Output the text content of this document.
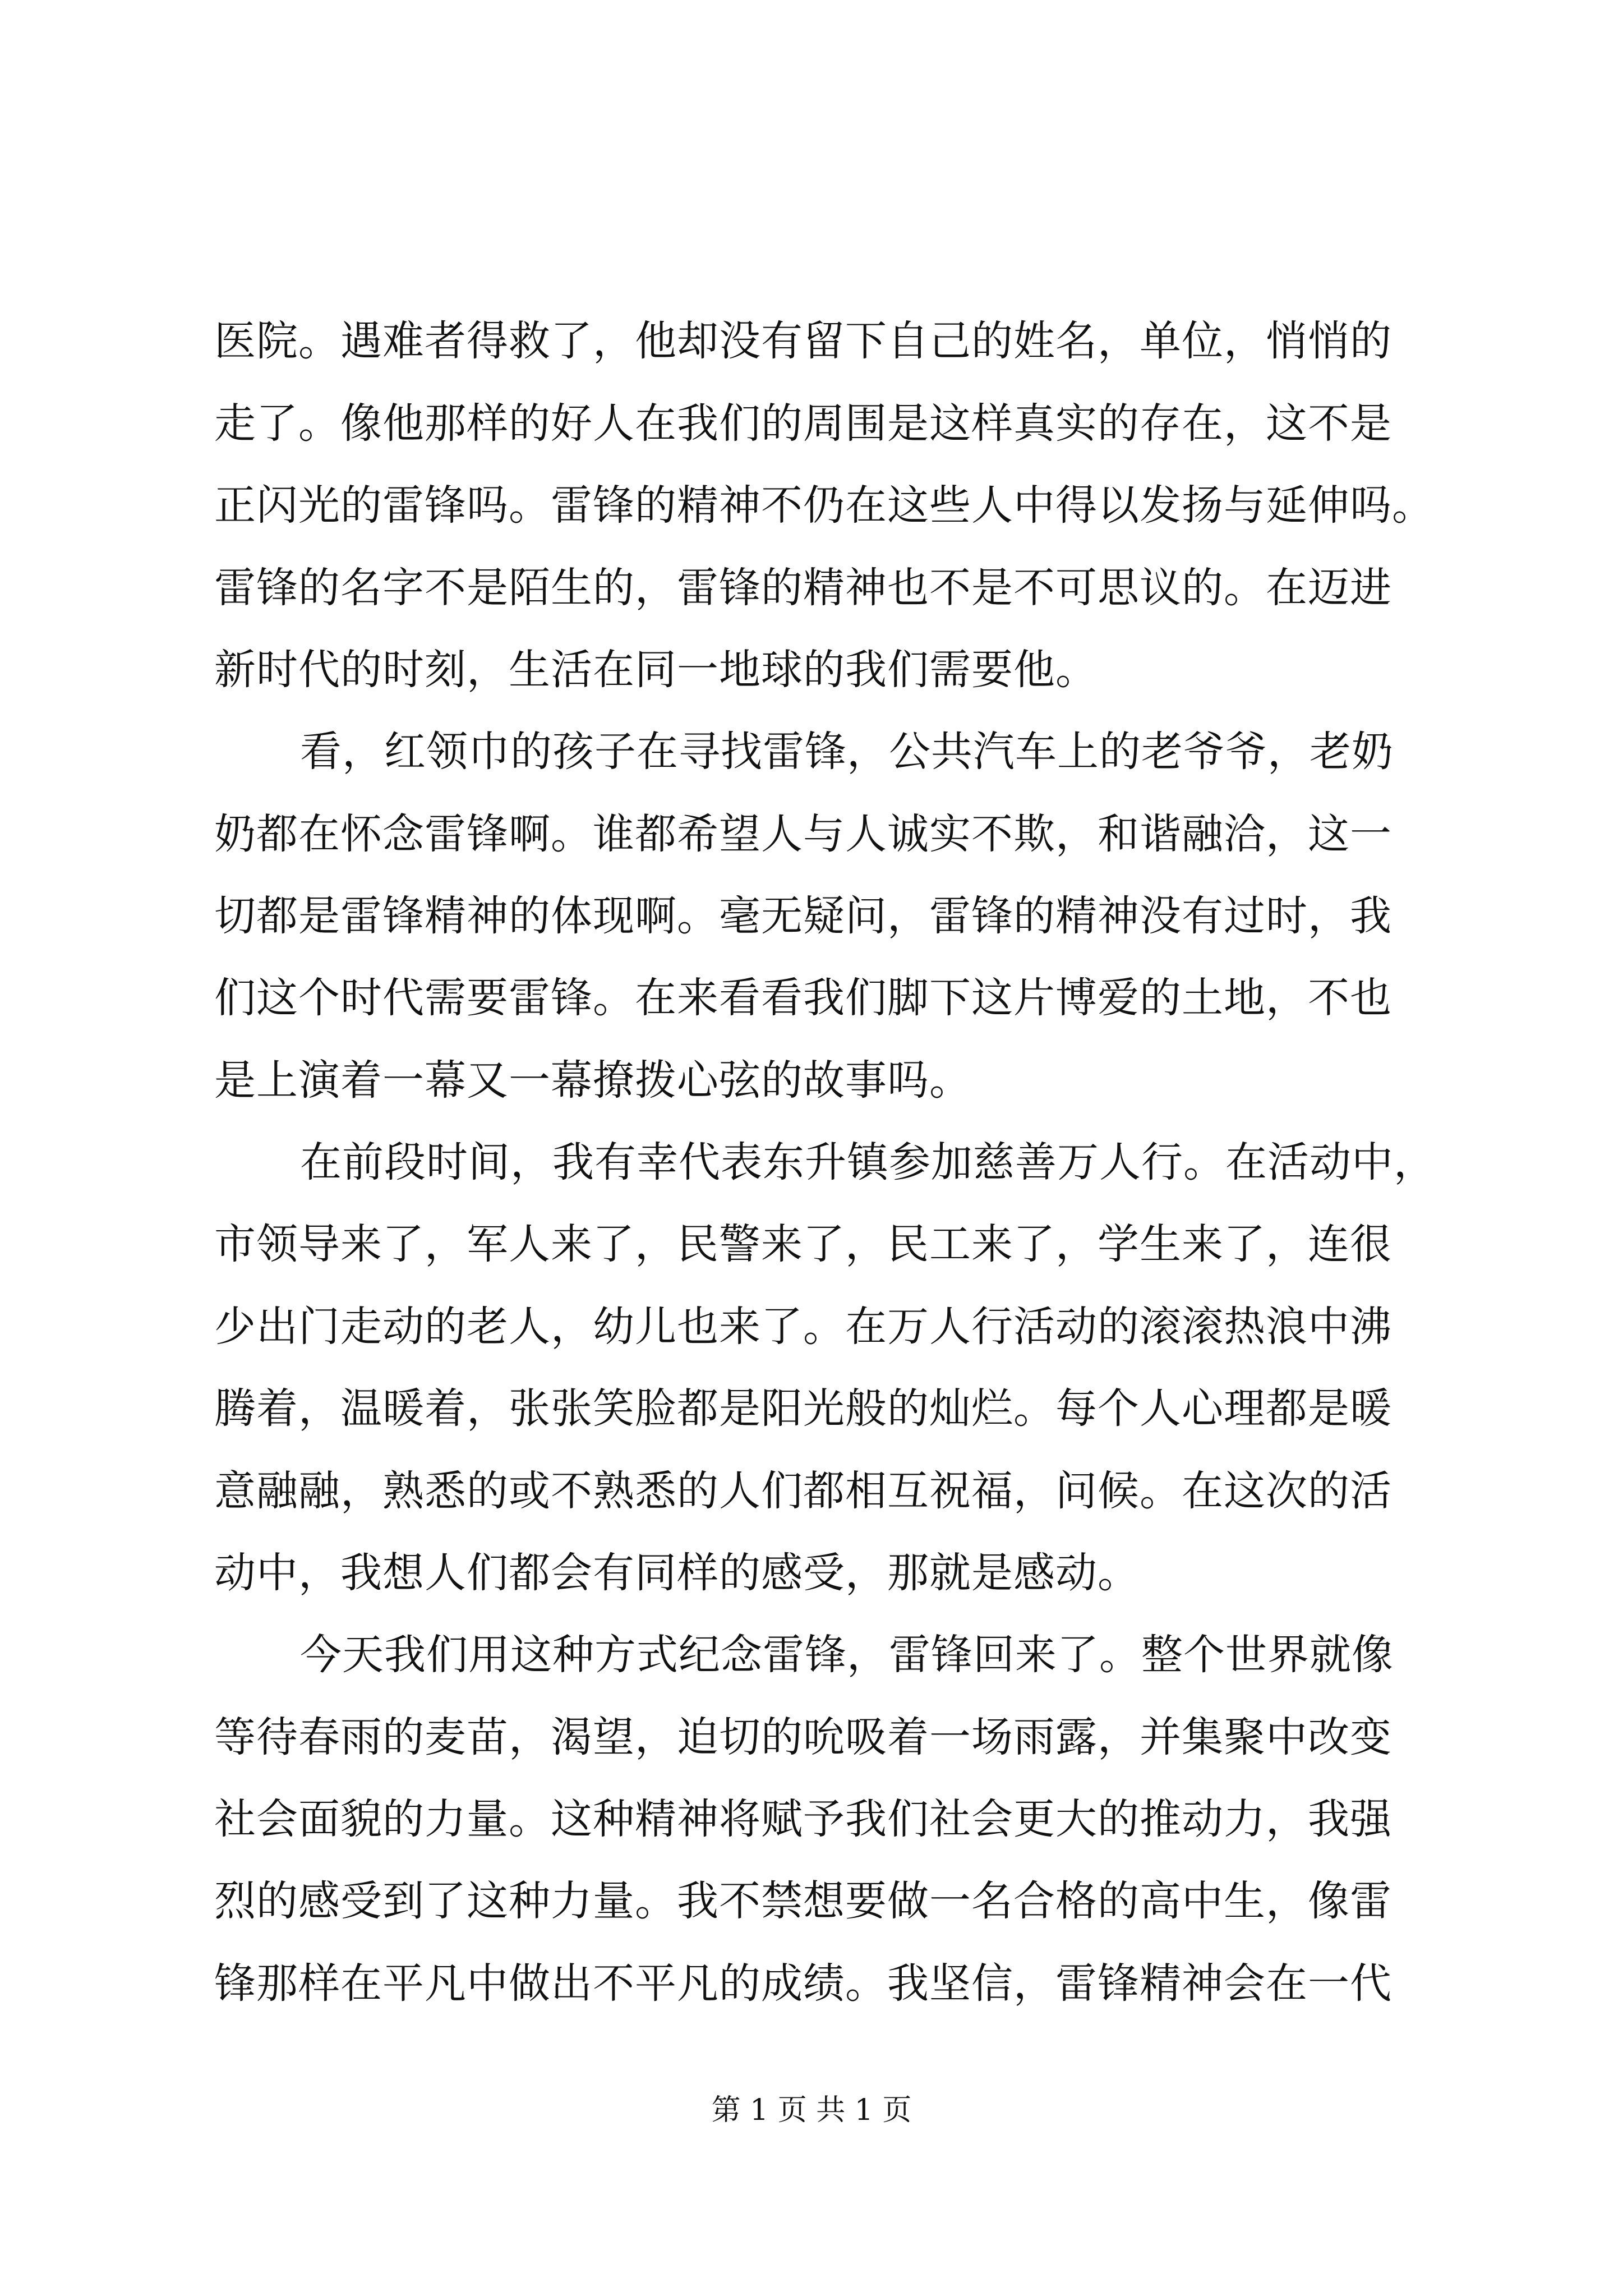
医院。遇难者得救了，他却没有留下自己的姓名，单位，悄悄的
走了。像他那样的好人在我们的周围是这样真实的存在，这不是
正闪光的雷锋吗。雷锋的精神不仍在这些人中得以发扬与延伸吗。
雷锋的名字不是陌生的，雷锋的精神也不是不可思议的。在迈进
新时代的时刻，生活在同一地球的我们需要他。
看，红领巾的孩子在寻找雷锋，公共汽车上的老爷爷，老奶
奶都在怀念雷锋啊。谁都希望人与人诚实不欺，和谐融洽，这一
切都是雷锋精神的体现啊。毫无疑问，雷锋的精神没有过时，我
们这个时代需要雷锋。在来看看我们脚下这片博爱的土地，不也
是上演着一幕又一幕撩拨心弦的故事吗。
在前段时间，我有幸代表东升镇参加慈善万人行。在活动中，
市领导来了，军人来了，民警来了，民工来了，学生来了，连很
少出门走动的老人，幼儿也来了。在万人行活动的滚滚热浪中沸
腾着，温暖着，张张笑脸都是阳光般的灿烂。每个人心理都是暖
意融融，熟悉的或不熟悉的人们都相互祝福，问候。在这次的活
动中，我想人们都会有同样的感受，那就是感动。
今天我们用这种方式纪念雷锋，雷锋回来了。整个世界就像
等待春雨的麦苗，渴望，迫切的吮吸着一场雨露，并集聚中改变
社会面貌的力量。这种精神将赋予我们社会更大的推动力，我强
烈的感受到了这种力量。我不禁想要做一名合格的高中生，像雷
锋那样在平凡中做出不平凡的成绩。我坚信，雷锋精神会在一代
第 1 页 共 1 页
